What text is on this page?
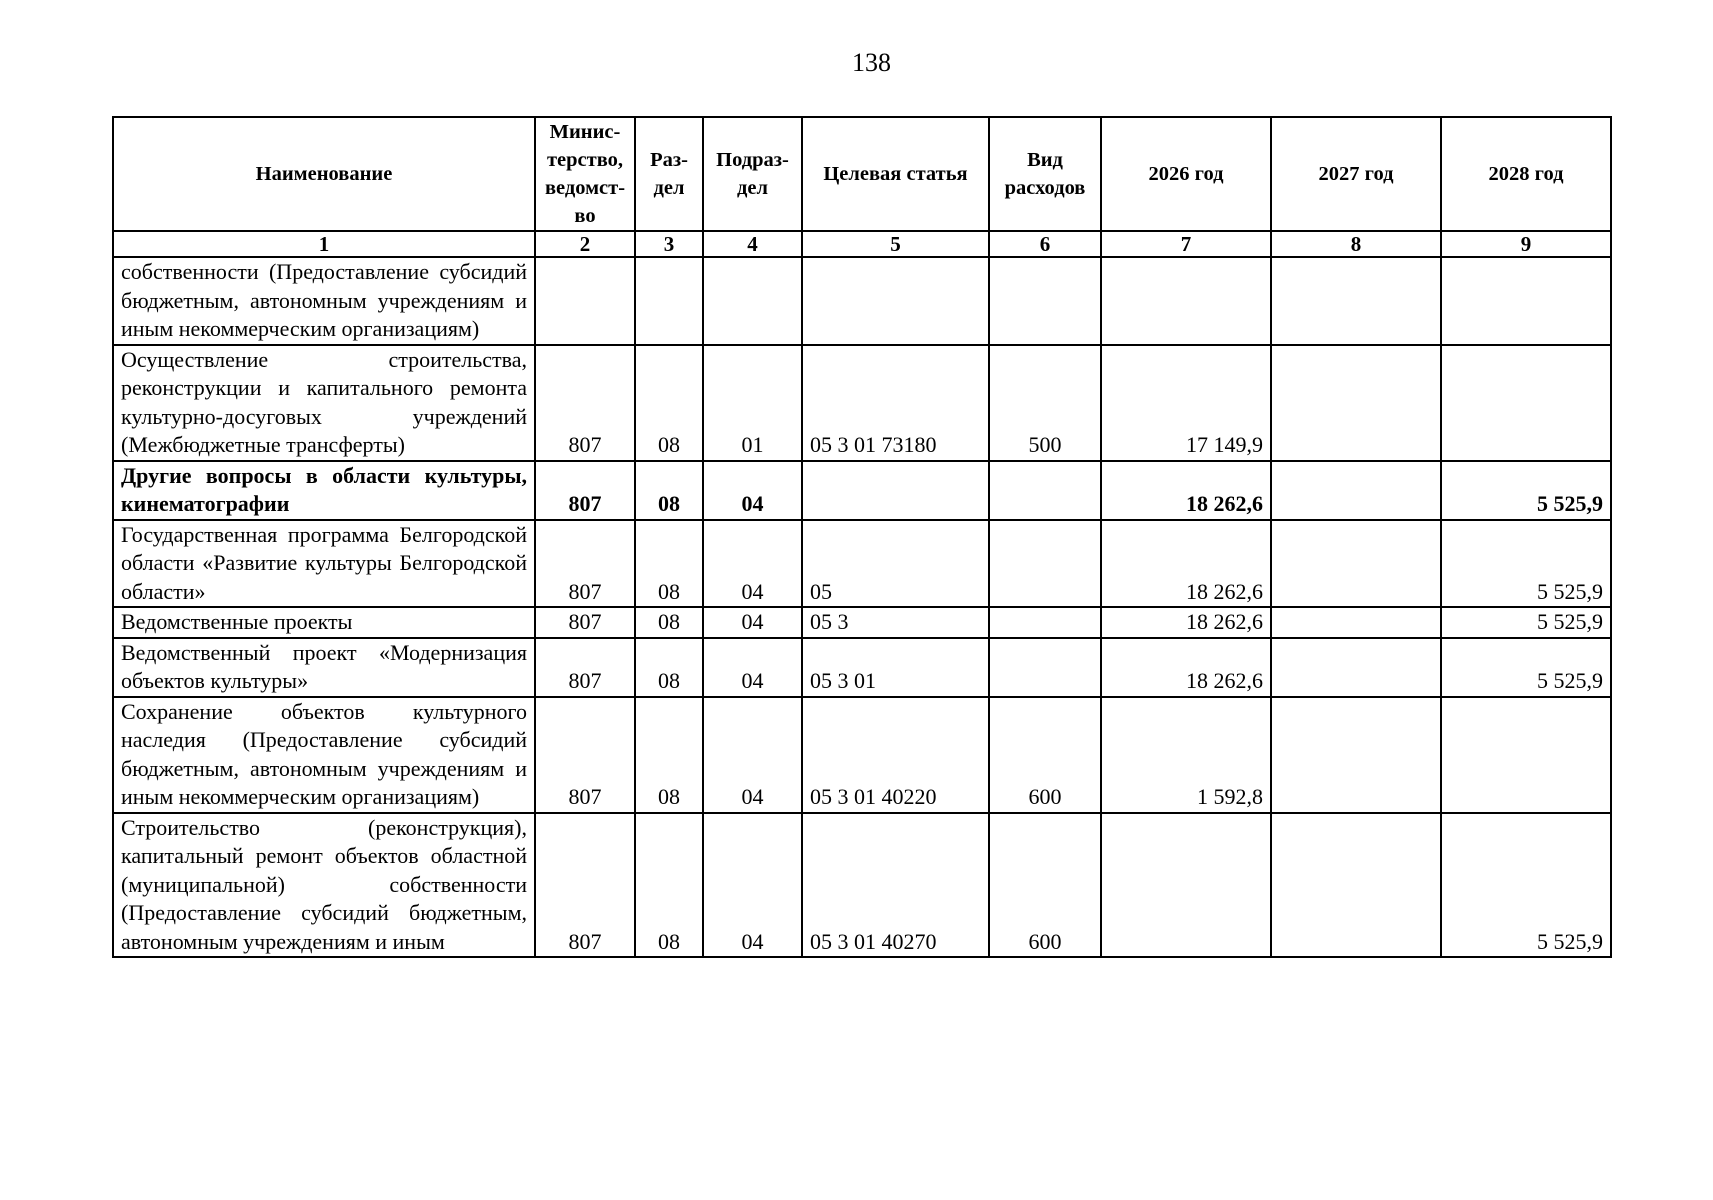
138
Наименование	Минис-терство, ведомст-во	Раз-дел	Подраз-дел	Целевая статья	Вид расходов	2026 год	2027 год	2028 год
1	2	3	4	5	6	7	8	9
собственности (Предоставление субсидий бюджетным, автономным учреждениям и иным некоммерческим организациям)								
Осуществление строительства, реконструкции и капитального ремонта культурно-досуговых учреждений (Межбюджетные трансферты)	807	08	01	05 3 01 73180	500	17 149,9		
Другие вопросы в области культуры, кинематографии	807	08	04			18 262,6		5 525,9
Государственная программа Белгородской области «Развитие культуры Белгородской области»	807	08	04	05		18 262,6		5 525,9
Ведомственные проекты	807	08	04	05 3		18 262,6		5 525,9
Ведомственный проект «Модернизация объектов культуры»	807	08	04	05 3 01		18 262,6		5 525,9
Сохранение объектов культурного наследия (Предоставление субсидий бюджетным, автономным учреждениям и иным некоммерческим организациям)	807	08	04	05 3 01 40220	600	1 592,8		
Строительство (реконструкция), капитальный ремонт объектов областной (муниципальной) собственности (Предоставление субсидий бюджетным, автономным учреждениям и иным	807	08	04	05 3 01 40270	600			5 525,9
